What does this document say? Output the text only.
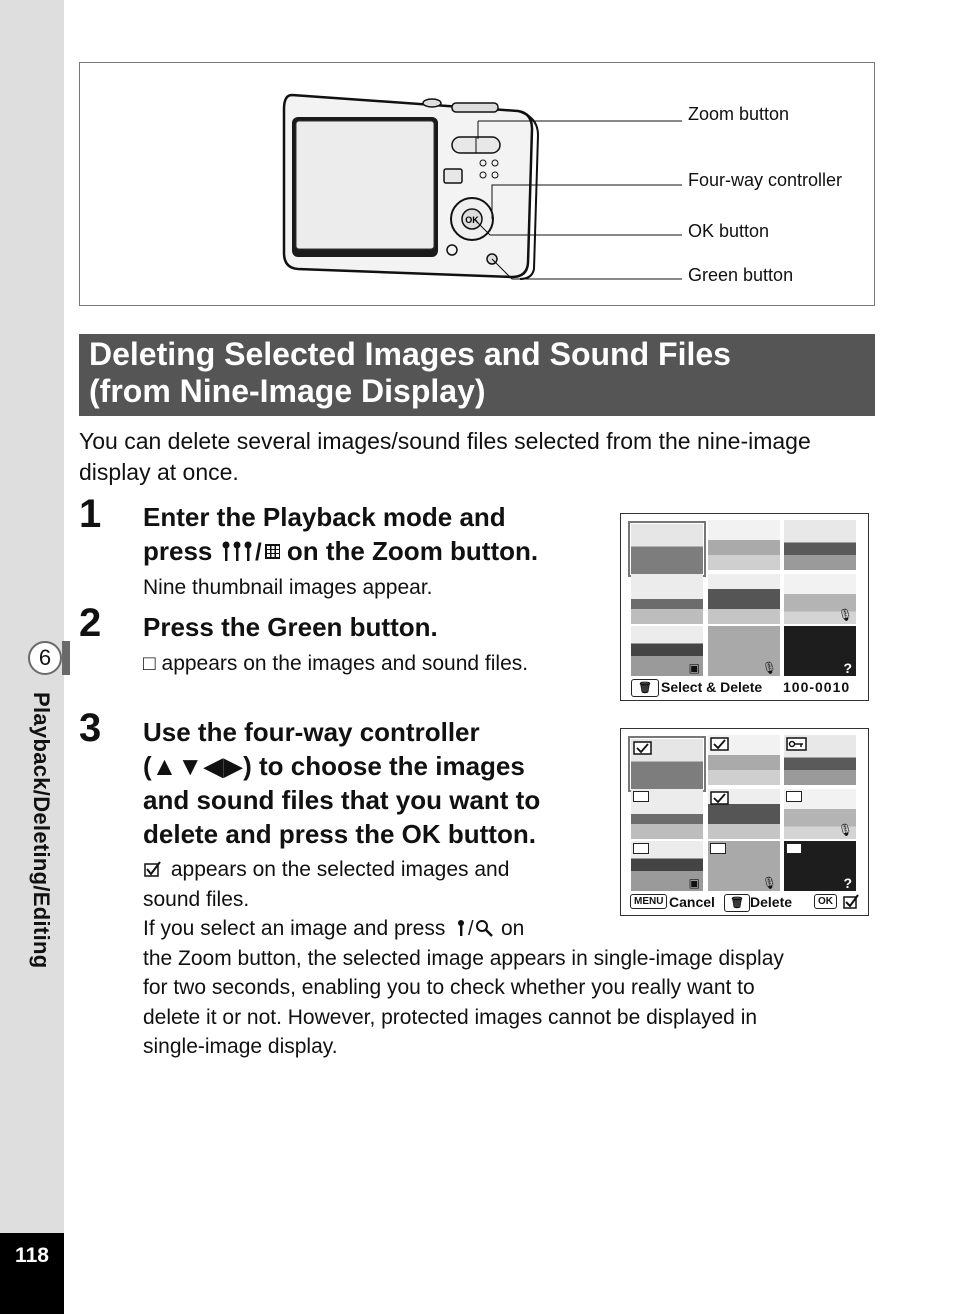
6
Playback/Deleting/Editing
118
OK
Zoom button
Four-way controller
OK button
Green button
Deleting Selected Images and Sound Files
(from Nine-Image Display)
You can delete several images/sound files selected from the nine-image
display at once.
1 Enter the Playback mode and
press / on the Zoom button.
Nine thumbnail images appear.
2 Press the Green button.
□ appears on the images and sound files.
🎙
▣	🎙	?
🗑 Select & Delete 100-0010
3 Use the four-way controller
(▲▼◀▶) to choose the images
and sound files that you want to
delete and press the OK button.
appears on the selected images and
sound files.
If you select an image and press / on
the Zoom button, the selected image appears in single-image display
for two seconds, enabling you to check whether you really want to
delete it or not. However, protected images cannot be displayed in
single-image display.
🎙
▣	🎙	?
MENU Cancel	🗑 Delete	OK
